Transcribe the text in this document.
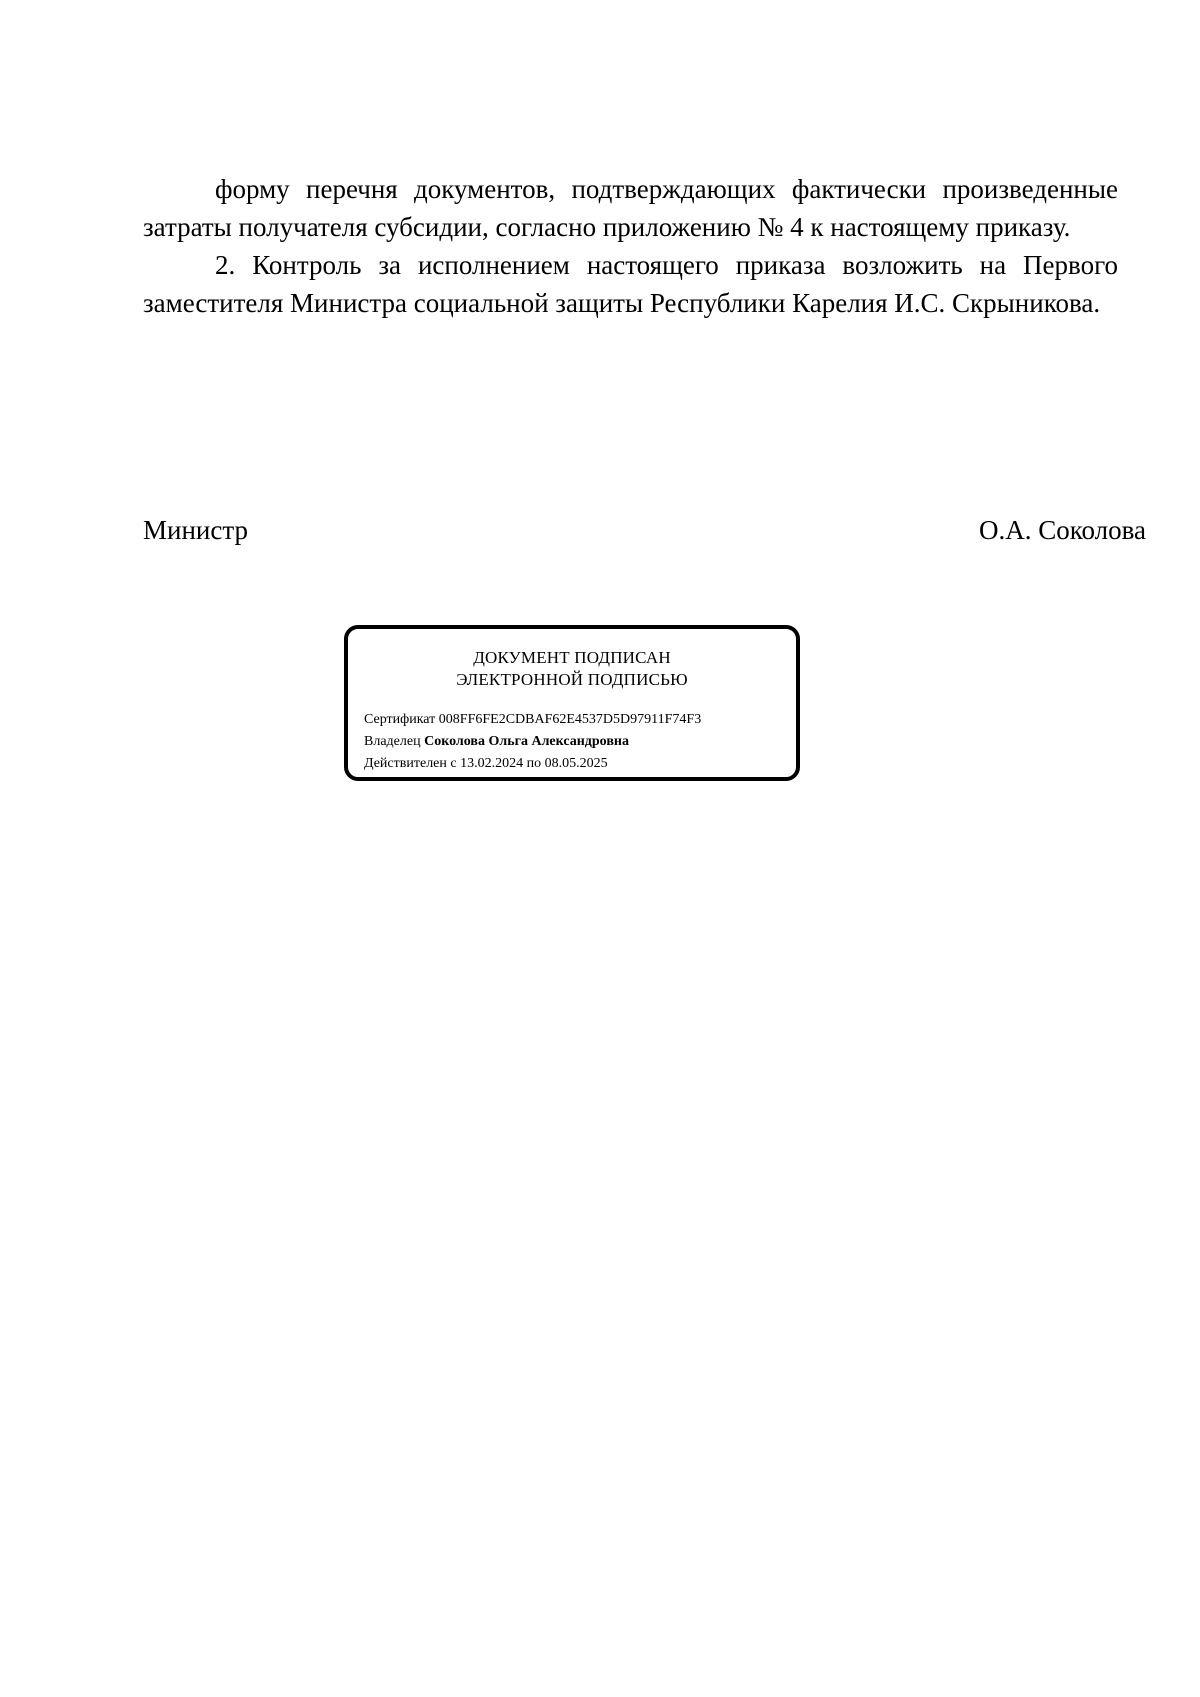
форму перечня документов, подтверждающих фактически произведенные затраты получателя субсидии, согласно приложению № 4 к настоящему приказу.

2. Контроль за исполнением настоящего приказа возложить на Первого заместителя Министра социальной защиты Республики Карелия И.С. Скрыникова.

Министр	О.А. Соколова
ДОКУМЕНТ ПОДПИСАН
ЭЛЕКТРОННОЙ ПОДПИСЬЮ
Сертификат 008FF6FE2CDBAF62E4537D5D97911F74F3
Владелец Соколова Ольга Александровна
Действителен с 13.02.2024 по 08.05.2025
